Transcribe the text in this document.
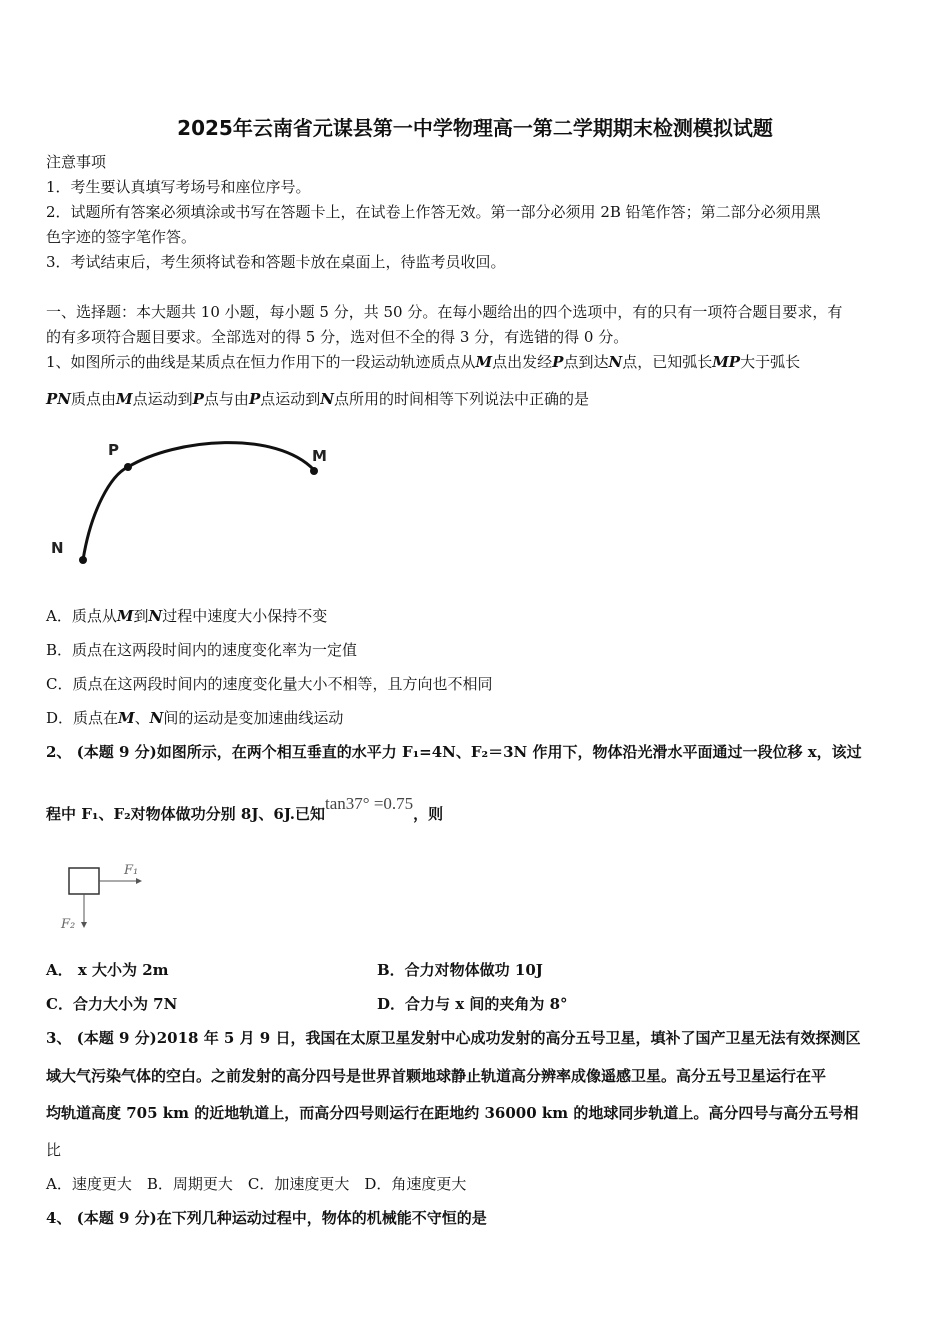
2025年云南省元谋县第一中学物理高一第二学期期末检测模拟试题
注意事项
1．考生要认真填写考场号和座位序号。
2．试题所有答案必须填涂或书写在答题卡上，在试卷上作答无效。第一部分必须用 2B 铅笔作答；第二部分必须用黑
色字迹的签字笔作答。
3．考试结束后，考生须将试卷和答题卡放在桌面上，待监考员收回。
一、选择题：本大题共 10 小题，每小题 5 分，共 50 分。在每小题给出的四个选项中，有的只有一项符合题目要求，有
的有多项符合题目要求。全部选对的得 5 分，选对但不全的得 3 分，有选错的得 0 分。
1、如图所示的曲线是某质点在恒力作用下的一段运动轨迹质点从M点出发经P点到达N点，已知弧长MP大于弧长
PN质点由M点运动到P点与由P点运动到N点所用的时间相等下列说法中正确的是
P	M
N
A．质点从M到N过程中速度大小保持不变
B．质点在这两段时间内的速度变化率为一定值
C．质点在这两段时间内的速度变化量大小不相等，且方向也不相同
D．质点在M、N间的运动是变加速曲线运动
2、 (本题 9 分)如图所示，在两个相互垂直的水平力 F₁=4N、F₂＝3N 作用下，物体沿光滑水平面通过一段位移 x，该过
程中 F₁、F₂对物体做功分别 8J、6J.已知tan37° =0.75，则
F₁
F₂
A． x 大小为 2m	B．合力对物体做功 10J
C．合力大小为 7N	D．合力与 x 间的夹角为 8°
3、 (本题 9 分)2018 年 5 月 9 日，我国在太原卫星发射中心成功发射的高分五号卫星，填补了国产卫星无法有效探测区
域大气污染气体的空白。之前发射的高分四号是世界首颗地球静止轨道高分辨率成像遥感卫星。高分五号卫星运行在平
均轨道高度 705 km 的近地轨道上，而高分四号则运行在距地约 36000 km 的地球同步轨道上。高分四号与高分五号相
比
A．速度更大　B．周期更大　C．加速度更大　D．角速度更大
4、 (本题 9 分)在下列几种运动过程中，物体的机械能不守恒的是
